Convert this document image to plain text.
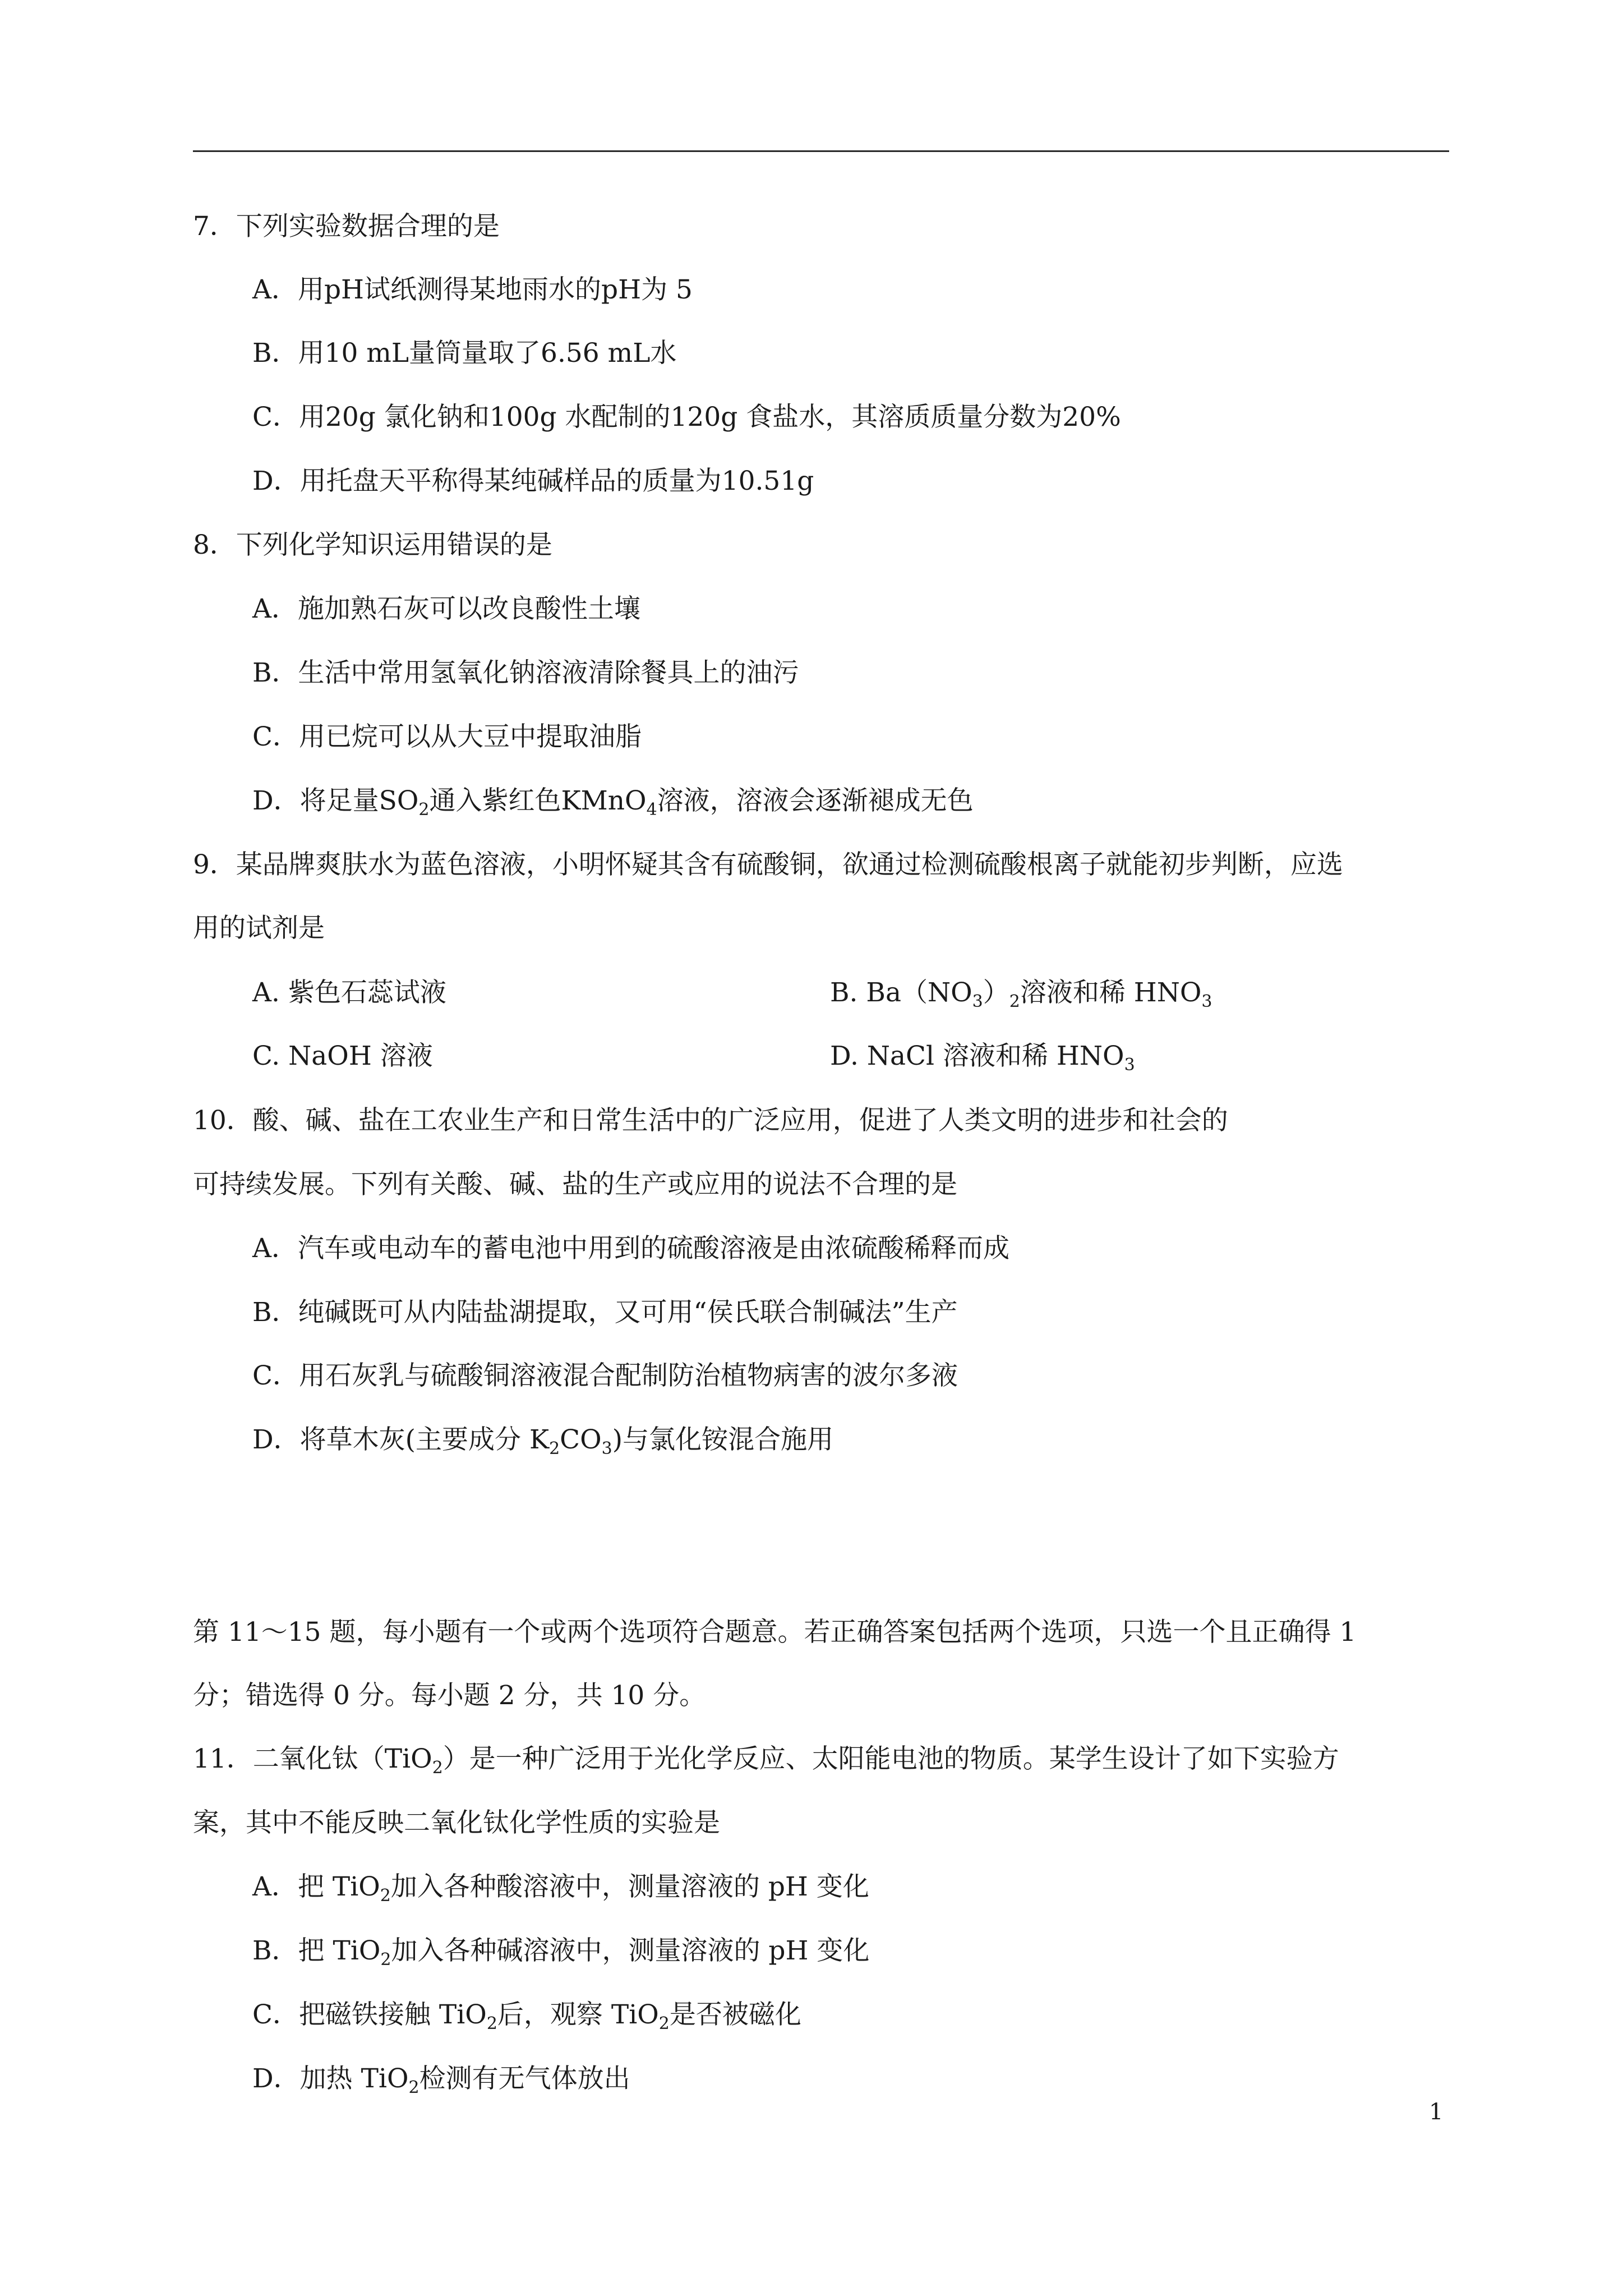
7．下列实验数据合理的是
A．用pH试纸测得某地雨水的pH为 5
B．用10 mL量筒量取了6.56 mL水
C．用20g 氯化钠和100g 水配制的120g 食盐水，其溶质质量分数为20%
D．用托盘天平称得某纯碱样品的质量为10.51g
8．下列化学知识运用错误的是
A．施加熟石灰可以改良酸性土壤
B．生活中常用氢氧化钠溶液清除餐具上的油污
C．用已烷可以从大豆中提取油脂
D．将足量$SO_2$通入紫红色KMnO$_4$溶液，溶液会逐渐褪成无色
9．某品牌爽肤水为蓝色溶液，小明怀疑其含有硫酸铜，欲通过检测硫酸根离子就能初步判断，应选
用的试剂是
A. 紫色石蕊试液	B. $Ba(NO_3)_2$溶液和稀 $HNO_3$
C. NaOH 溶液	D. NaCl 溶液和稀 $HNO_3$
10．酸、碱、盐在工农业生产和日常生活中的广泛应用，促进了人类文明的进步和社会的
可持续发展。下列有关酸、碱、盐的生产或应用的说法不合理的是
A．汽车或电动车的蓄电池中用到的硫酸溶液是由浓硫酸稀释而成
B．纯碱既可从内陆盐湖提取，又可用“侯氏联合制碱法”生产
C．用石灰乳与硫酸铜溶液混合配制防治植物病害的波尔多液
D．将草木灰(主要成分 $K_2CO_3$)与氯化铵混合施用
第 11～15 题，每小题有一个或两个选项符合题意。若正确答案包括两个选项，只选一个且正确得 1
分；错选得 0 分。每小题 2 分，共 10 分。
11．二氧化钛（TiO$_2$）是一种广泛用于光化学反应、太阳能电池的物质。某学生设计了如下实验方
案，其中不能反映二氧化钛化学性质的实验是
A．把 TiO$_2$加入各种酸溶液中，测量溶液的 pH 变化
B．把 TiO$_2$加入各种碱溶液中，测量溶液的 pH 变化
C．把磁铁接触 TiO$_2$后，观察 TiO$_2$是否被磁化
D．加热 TiO$_2$检测有无气体放出
1
